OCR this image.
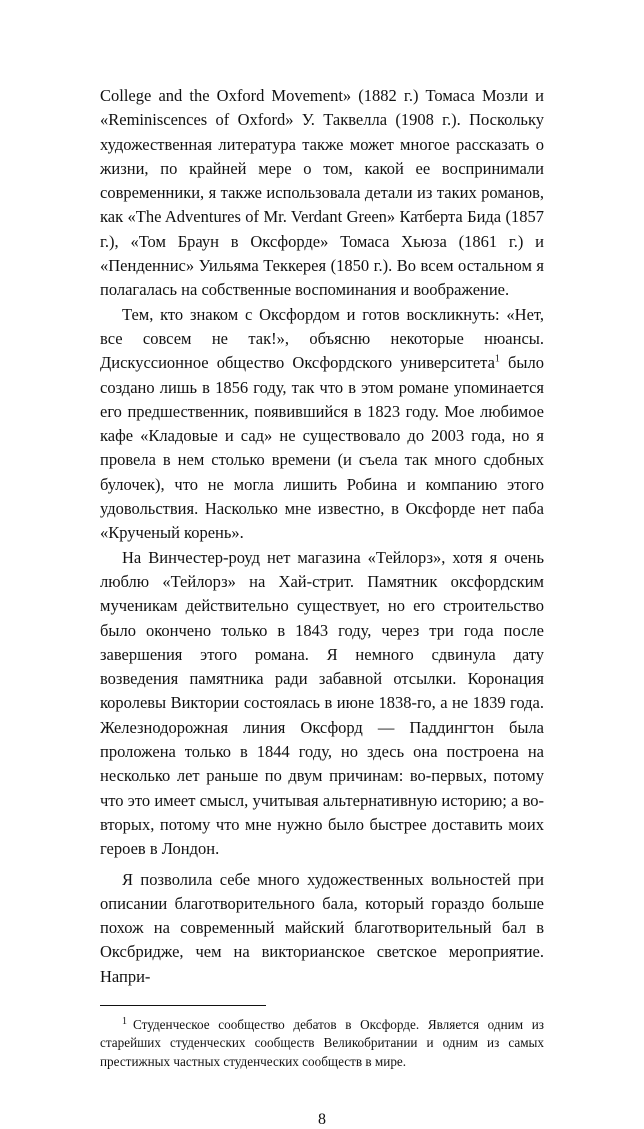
College and the Oxford Movement» (1882 г.) Томаса Мозли и «Reminiscences of Oxford» У. Таквелла (1908 г.). Поскольку художественная литература также может многое рассказать о жизни, по крайней мере о том, какой ее воспринимали современники, я также использовала детали из таких романов, как «The Adventures of Mr. Verdant Green» Катберта Бида (1857 г.), «Том Браун в Оксфорде» Томаса Хьюза (1861 г.) и «Пенденнис» Уильяма Теккерея (1850 г.). Во всем остальном я полагалась на собственные воспоминания и воображение.

Тем, кто знаком с Оксфордом и готов воскликнуть: «Нет, все совсем не так!», объясню некоторые нюансы. Дискуссионное общество Оксфордского университета$^1$ было создано лишь в 1856 году, так что в этом романе упоминается его предшественник, появившийся в 1823 году. Мое любимое кафе «Кладовые и сад» не существовало до 2003 года, но я провела в нем столько времени (и съела так много сдобных булочек), что не могла лишить Робина и компанию этого удовольствия. Насколько мне известно, в Оксфорде нет паба «Крученый корень».

На Винчестер-роуд нет магазина «Тейлорз», хотя я очень люблю «Тейлорз» на Хай-стрит. Памятник оксфордским мученикам действительно существует, но его строительство было окончено только в 1843 году, через три года после завершения этого романа. Я немного сдвинула дату возведения памятника ради забавной отсылки. Коронация королевы Виктории состоялась в июне 1838-го, а не 1839 года. Железнодорожная линия Оксфорд — Паддингтон была проложена только в 1844 году, но здесь она построена на несколько лет раньше по двум причинам: во-первых, потому что это имеет смысл, учитывая альтернативную историю; а во-вторых, потому что мне нужно было быстрее доставить моих героев в Лондон.

Я позволила себе много художественных вольностей при описании благотворительного бала, который гораздо больше похож на современный майский благотворительный бал в Оксбридже, чем на викторианское светское мероприятие. Напри-

$^1$ Студенческое сообщество дебатов в Оксфорде. Является одним из старейших студенческих сообществ Великобритании и одним из самых престижных частных студенческих сообществ в мире.

8
